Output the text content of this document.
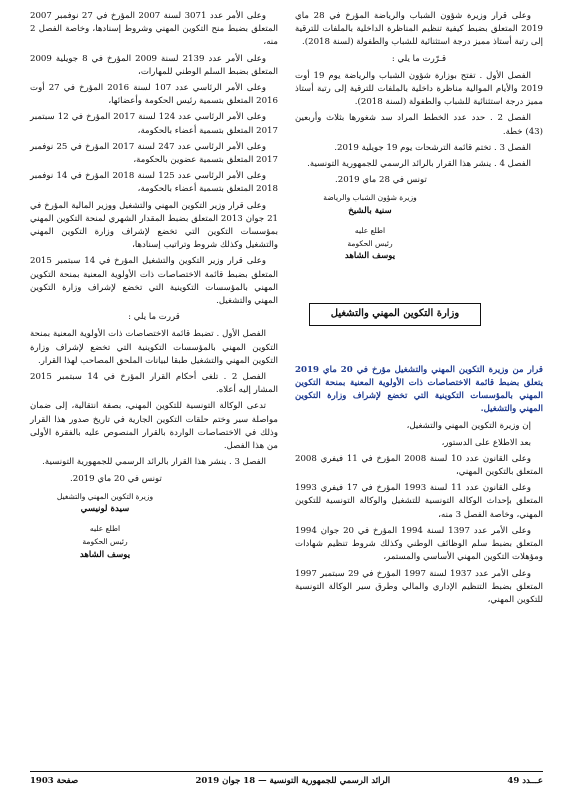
وعلى قرار وزيرة شؤون الشباب والرياضة المؤرخ في 28 ماي 2019 المتعلق بضبط كيفية تنظيم المناظرة الداخلية بالملفات للترقية إلى رتبة أستاذ مميز درجة استثنائية للشباب والطفولة (لسنة 2018).

قـرّرت ما يلي :

الفصل الأول . تفتح بوزارة شؤون الشباب والرياضة يوم 19 أوت 2019 والأيام الموالية مناظرة داخلية بالملفات للترقية إلى رتبة أستاذ مميز درجة استثنائية للشباب والطفولة (لسنة 2018).

الفصل 2 . حدد عدد الخطط المراد سد شغورها بثلاث وأربعين (43) خطة.

الفصل 3 . تختم قائمة الترشحات يوم 19 جويلية 2019.

الفصل 4 . ينشر هذا القرار بالرائد الرسمي للجمهورية التونسية.

تونس في 28 ماي 2019.

وزيرة شؤون الشباب والرياضة
سنية بالشيخ
اطلع عليه
رئيس الحكومة
يوسف الشاهد
وزارة التكوين المهني والتشغيل

قرار من وزيرة التكوين المهني والتشغيل مؤرخ في 20 ماي 2019 يتعلق بضبط قائمة الاختصاصات ذات الأولوية المعنية بمنحة التكوين المهني بالمؤسسات التكوينية التي تخضع لإشراف وزارة التكوين المهني والتشغيل.

إن وزيرة التكوين المهني والتشغيل،

بعد الاطلاع على الدستور،

وعلى القانون عدد 10 لسنة 2008 المؤرخ في 11 فيفري 2008 المتعلق بالتكوين المهني،

وعلى القانون عدد 11 لسنة 1993 المؤرخ في 17 فيفري 1993 المتعلق بإحداث الوكالة التونسية للتشغيل والوكالة التونسية للتكوين المهني، وخاصة الفصل 3 منه،

وعلى الأمر عدد 1397 لسنة 1994 المؤرخ في 20 جوان 1994 المتعلق بضبط سلم الوظائف الوطني وكذلك شروط تنظيم شهادات ومؤهلات التكوين المهني الأساسي والمستمر،

وعلى الأمر عدد 1937 لسنة 1997 المؤرخ في 29 سبتمبر 1997 المتعلق بضبط التنظيم الإداري والمالي وطرق سير الوكالة التونسية للتكوين المهني،

وعلى الأمر عدد 3071 لسنة 2007 المؤرخ في 27 نوفمبر 2007 المتعلق بضبط منح التكوين المهني وشروط إسنادها، وخاصة الفصل 2 منه،

وعلى الأمر عدد 2139 لسنة 2009 المؤرخ في 8 جويلية 2009 المتعلق بضبط السلم الوطني للمهارات،

وعلى الأمر الرئاسي عدد 107 لسنة 2016 المؤرخ في 27 أوت 2016 المتعلق بتسمية رئيس الحكومة وأعضائها،

وعلى الأمر الرئاسي عدد 124 لسنة 2017 المؤرخ في 12 سبتمبر 2017 المتعلق بتسمية أعضاء بالحكومة،

وعلى الأمر الرئاسي عدد 247 لسنة 2017 المؤرخ في 25 نوفمبر 2017 المتعلق بتسمية عضوين بالحكومة،

وعلى الأمر الرئاسي عدد 125 لسنة 2018 المؤرخ في 14 نوفمبر 2018 المتعلق بتسمية أعضاء بالحكومة،

وعلى قرار وزير التكوين المهني والتشغيل ووزير المالية المؤرخ في 21 جوان 2013 المتعلق بضبط المقدار الشهري لمنحة التكوين المهني بمؤسسات التكوين التي تخضع لإشراف وزارة التكوين المهني والتشغيل وكذلك شروط وتراتيب إسنادها،

وعلى قرار وزير التكوين والتشغيل المؤرخ في 14 سبتمبر 2015 المتعلق بضبط قائمة الاختصاصات ذات الأولوية المعنية بمنحة التكوين المهني بالمؤسسات التكوينية التي تخضع لإشراف وزارة التكوين المهني والتشغيل.

قررت ما يلي :

الفصل الأول . تضبط قائمة الاختصاصات ذات الأولوية المعنية بمنحة التكوين المهني بالمؤسسات التكوينية التي تخضع لإشراف وزارة التكوين المهني والتشغيل طبقا لبيانات الملحق المصاحب لهذا القرار.

الفصل 2 . تلغى أحكام القرار المؤرخ في 14 سبتمبر 2015 المشار إليه أعلاه.

تدعى الوكالة التونسية للتكوين المهني، بصفة انتقالية، إلى ضمان مواصلة سير وختم حلقات التكوين الجارية في تاريخ صدور هذا القرار وذلك في الاختصاصات الواردة بالقرار المنصوص عليه بالفقرة الأولى من هذا الفصل.

الفصل 3 . ينشر هذا القرار بالرائد الرسمي للجمهورية التونسية.

تونس في 20 ماي 2019.

وزيرة التكوين المهني والتشغيل
سيدة لونيسي
اطلع عليه
رئيس الحكومة
يوسف الشاهد
عـــدد 49
الرائد الرسمي للجمهورية التونسية — 18 جوان 2019
صفحة 1903
